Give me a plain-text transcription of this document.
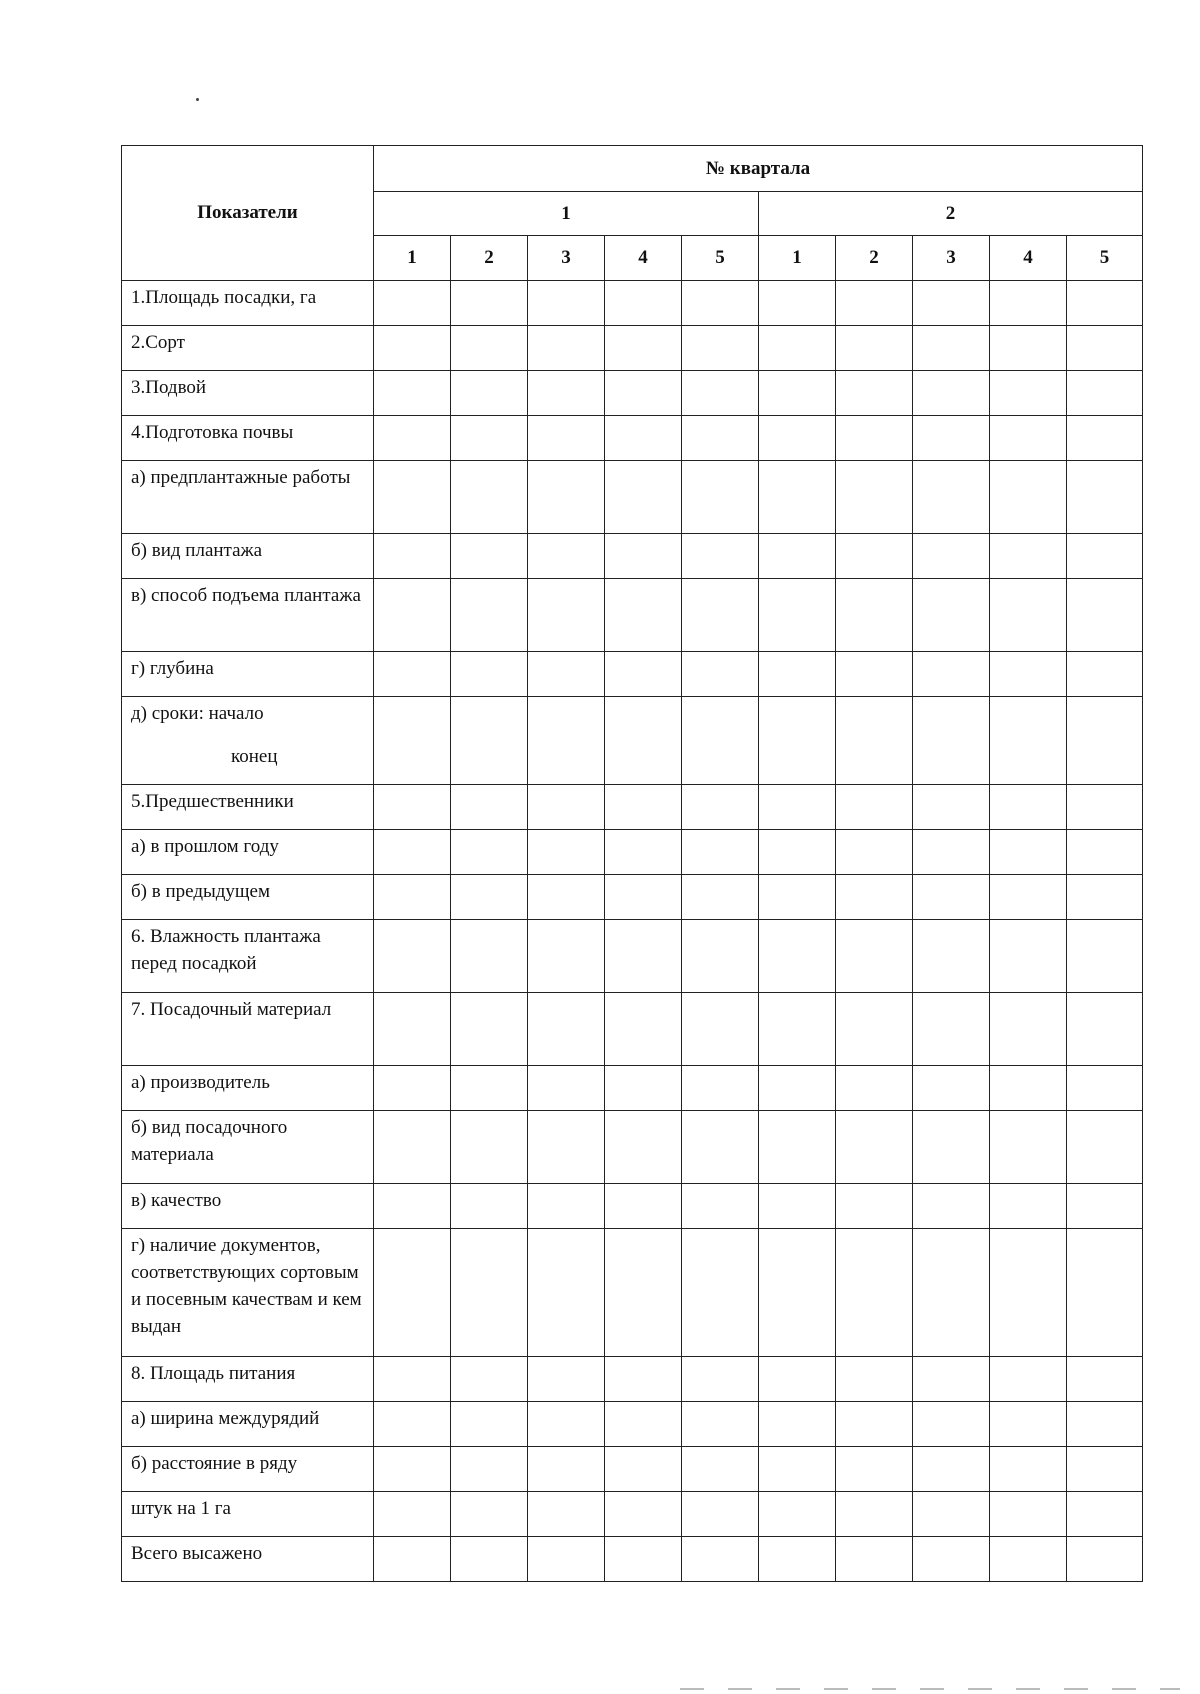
Показатели	№ квартала									
	1					2				
	1	2	3	4	5	1	2	3	4	5
1.Площадь посадки, га										
2.Сорт										
3.Подвой										
4.Подготовка почвы										
а) предплантажные работы										
б) вид плантажа										
в) способ подъема плантажа										
г) глубина										
д) сроки: начало
конец										

5.Предшественники										
а) в прошлом году										
б) в предыдущем										
6. Влажность плантажа перед посадкой										
7. Посадочный материал										
а) производитель										
б) вид посадочного материала										
в) качество										
г) наличие документов, соответствующих сортовым и посевным качествам и кем выдан										
8. Площадь питания										
а) ширина междурядий										
б) расстояние в ряду										
штук на 1 га										
Всего высажено										
